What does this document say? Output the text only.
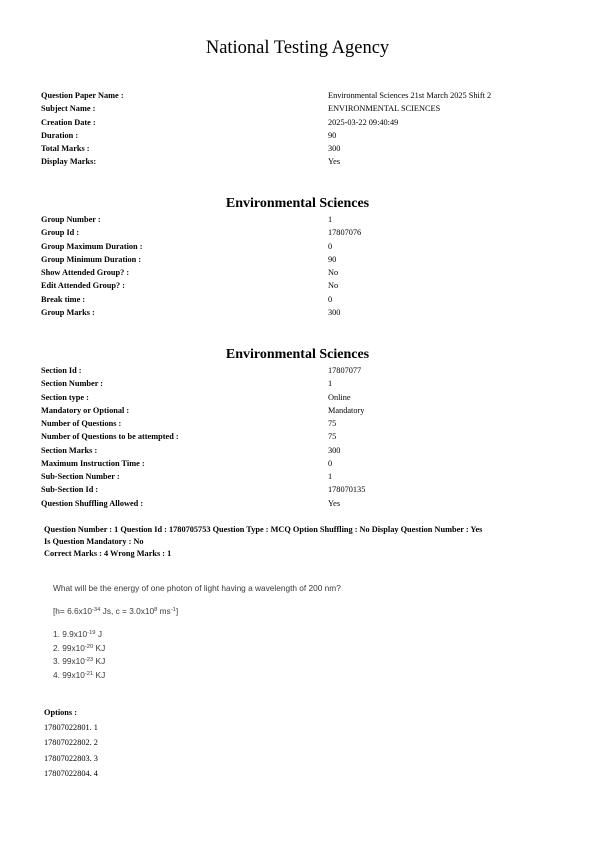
National Testing Agency
Question Paper Name :	Environmental Sciences 21st March 2025 Shift 2
Subject Name :	ENVIRONMENTAL SCIENCES
Creation Date :	2025-03-22 09:40:49
Duration :	90
Total Marks :	300
Display Marks:	Yes
Environmental Sciences
Group Number :	1
Group Id :	17807076
Group Maximum Duration :	0
Group Minimum Duration :	90
Show Attended Group? :	No
Edit Attended Group? :	No
Break time :	0
Group Marks :	300
Environmental Sciences
Section Id :	17807077
Section Number :	1
Section type :	Online
Mandatory or Optional :	Mandatory
Number of Questions :	75
Number of Questions to be attempted :	75
Section Marks :	300
Maximum Instruction Time :	0
Sub-Section Number :	1
Sub-Section Id :	178070135
Question Shuffling Allowed :	Yes
Question Number : 1 Question Id : 1780705753 Question Type : MCQ Option Shuffling : No Display Question Number : Yes
Is Question Mandatory : No
Correct Marks : 4 Wrong Marks : 1

What will be the energy of one photon of light having a wavelength of 200 nm?

[$h= 6.6x10^{-34}$ Js, $c = 3.0x10^8$ $ms^{-1}$]

1. $9.9x10^{-19}$ J
2. $99x10^{-20}$ KJ
3. $99x10^{-23}$ KJ
4. $99x10^{-21}$ KJ
Options :
17807022801. 1
17807022802. 2
17807022803. 3
17807022804. 4
